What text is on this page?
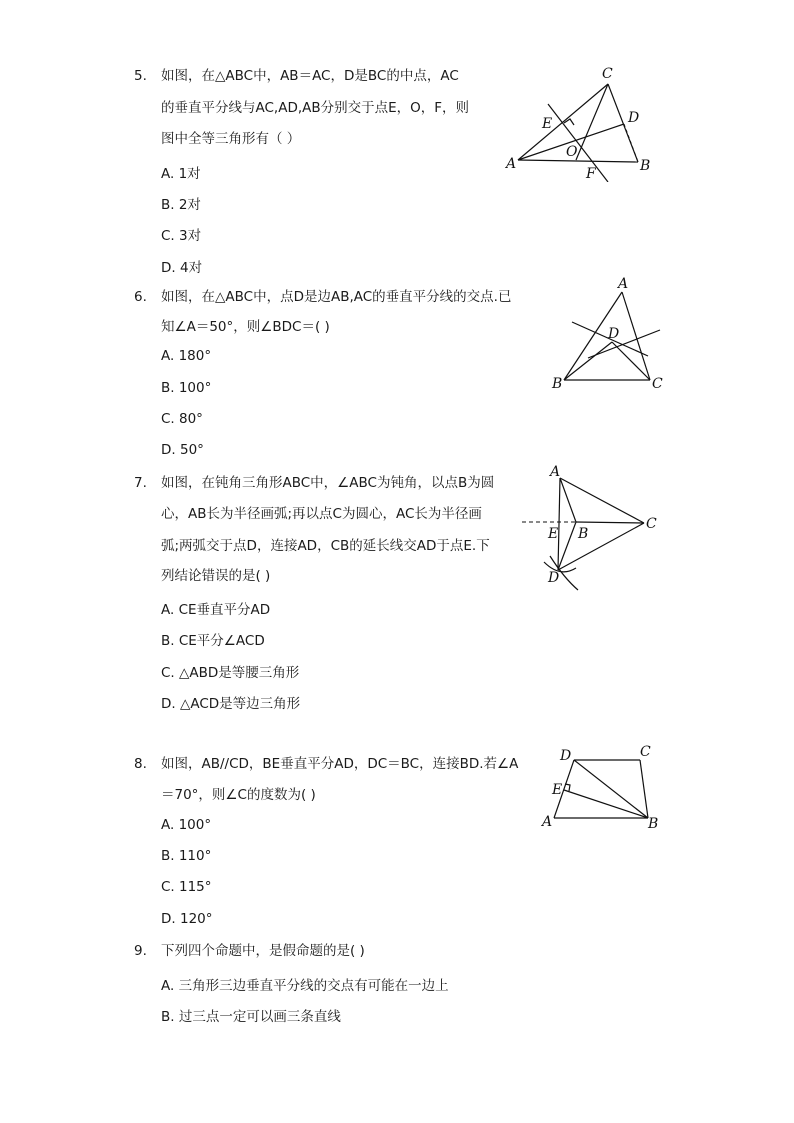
5. 如图，在△ABC中，AB＝AC，D是BC的中点，AC
的垂直平分线与AC,AD,AB分别交于点E，O，F，则
图中全等三角形有（ ）
A. 1对
B. 2对
C. 3对
D. 4对
C
E	D
O
A
F	B
6. 如图，在△ABC中，点D是边AB,AC的垂直平分线的交点.已
知∠A＝50°，则∠BDC＝( )
A. 180°
B. 100°
C. 80°
D. 50°
A
D
B	C
7. 如图，在钝角三角形ABC中，∠ABC为钝角，以点B为圆
心，AB长为半径画弧;再以点C为圆心，AC长为半径画
弧;两弧交于点D，连接AD，CB的延长线交AD于点E.下
列结论错误的是( )
A. CE垂直平分AD
B. CE平分∠ACD
C. △ABD是等腰三角形
D. △ACD是等边三角形
A
C
E B
D
8. 如图，AB//CD，BE垂直平分AD，DC＝BC，连接BD.若∠A
＝70°，则∠C的度数为( )
A. 100°
B. 110°
C. 115°
D. 120°
D	C
E
A	B
9. 下列四个命题中，是假命题的是( )
A. 三角形三边垂直平分线的交点有可能在一边上
B. 过三点一定可以画三条直线
